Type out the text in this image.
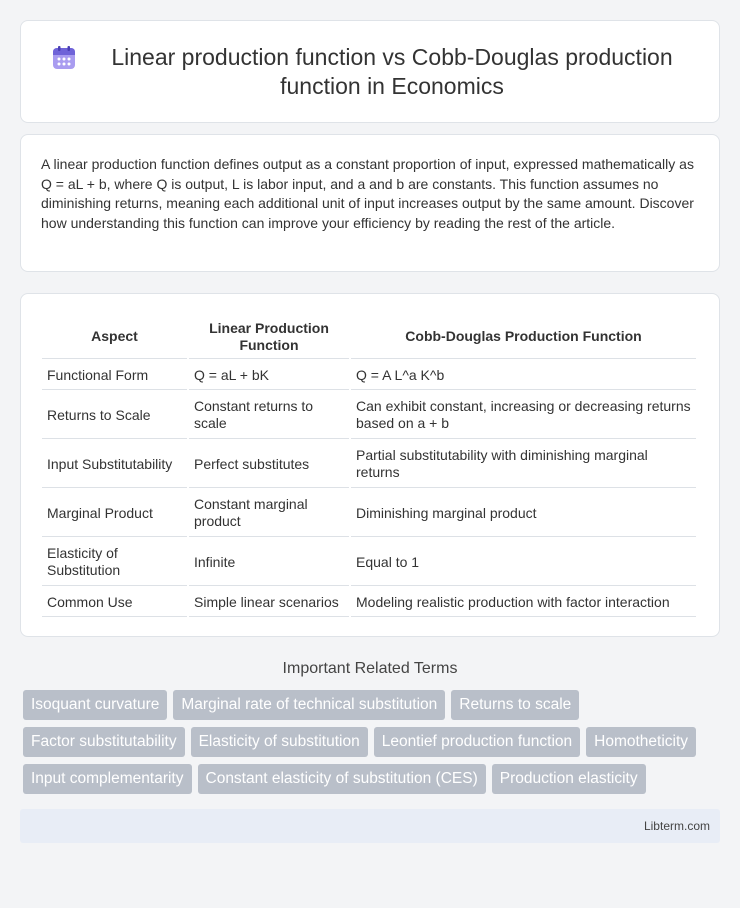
Linear production function vs Cobb-Douglas production function in Economics

A linear production function defines output as a constant proportion of input, expressed mathematically as Q = aL + b, where Q is output, L is labor input, and a and b are constants. This function assumes no diminishing returns, meaning each additional unit of input increases output by the same amount. Discover how understanding this function can improve your efficiency by reading the rest of the article.

Aspect	Linear Production Function	Cobb-Douglas Production Function
Functional Form	Q = aL + bK	Q = A L^a K^b
Returns to Scale	Constant returns to scale	Can exhibit constant, increasing or decreasing returns based on a + b
Input Substitutability	Perfect substitutes	Partial substitutability with diminishing marginal returns
Marginal Product	Constant marginal product	Diminishing marginal product
Elasticity of Substitution	Infinite	Equal to 1
Common Use	Simple linear scenarios	Modeling realistic production with factor interaction
Important Related Terms
Isoquant curvature	Marginal rate of technical substitution	Returns to scale
Factor substitutability	Elasticity of substitution	Leontief production function	Homotheticity
Input complementarity	Constant elasticity of substitution (CES)	Production elasticity
Libterm.com
